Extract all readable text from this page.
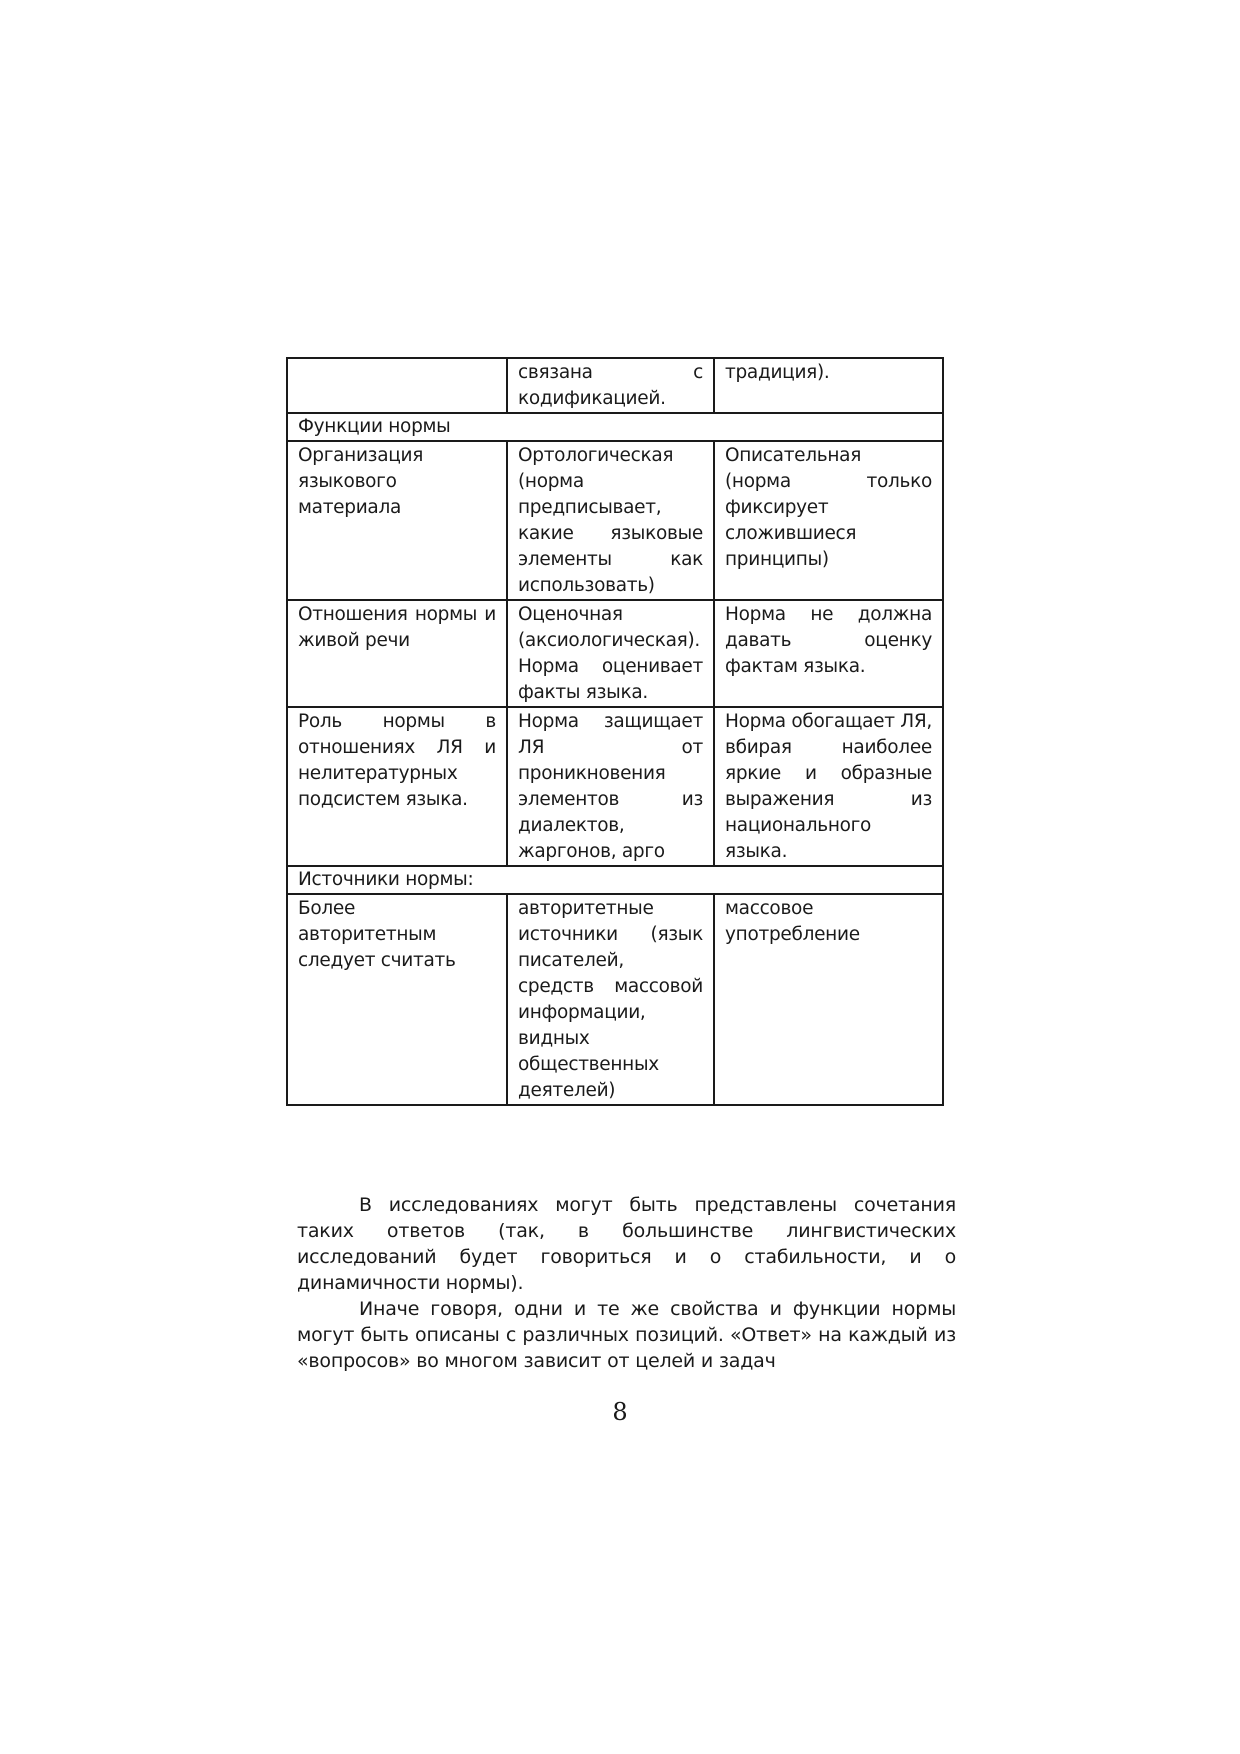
	связана с кодификацией.	традиция).
Функции нормы		
Организация языкового материала	Ортологическая (норма предписывает, какие языковые элементы как использовать)	Описательная (норма только фиксирует сложившиеся принципы)
Отношения нормы и живой речи	Оценочная (аксиологическая). Норма оценивает факты языка.	Норма не должна давать оценку фактам языка.
Роль нормы в отношениях ЛЯ и нелитературных подсистем языка.	Норма защищает ЛЯ от проникновения элементов из диалектов, жаргонов, арго	Норма обогащает ЛЯ, вбирая наиболее яркие и образные выражения из национального языка.
Источники нормы:		
Более авторитетным следует считать	авторитетные источники (язык писателей, средств массовой информации, видных общественных деятелей)	массовое употребление

В исследованиях могут быть представлены сочетания таких ответов (так, в большинстве лингвистических исследований будет говориться и о стабильности, и о динамичности нормы).

Иначе говоря, одни и те же свойства и функции нормы могут быть описаны с различных позиций. «Ответ» на каждый из «вопросов» во многом зависит от целей и задач

8
